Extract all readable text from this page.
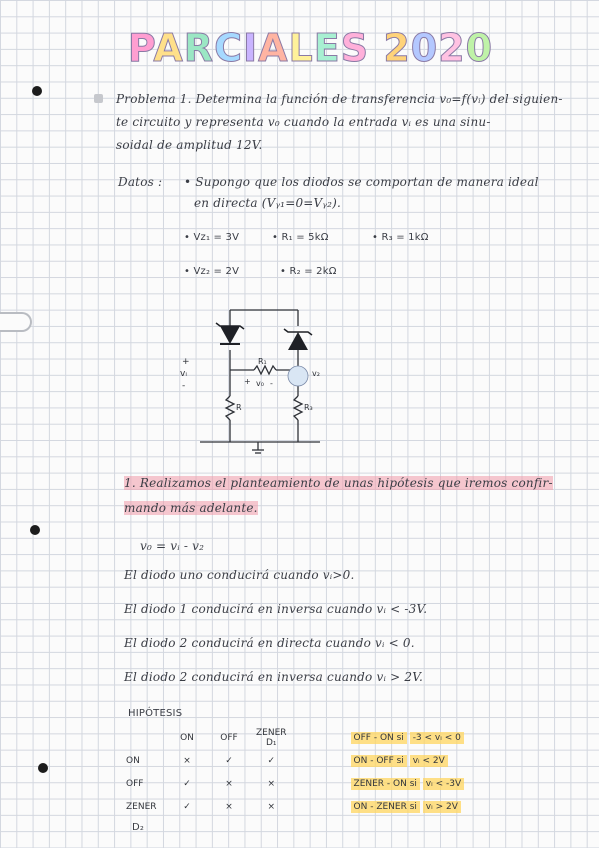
PARCIALES 2020
Problema 1. Determina la función de transferencia v₀=f(vᵢ) del siguien-
te circuito y representa v₀ cuando la entrada vᵢ es una sinu-
soidal de amplitud 12V.
Datos : • Supongo que los diodos se comportan de manera ideal
en directa (Vᵧ₁=0=Vᵧ₂).
• Vz₁ = 3V	• R₁ = 5kΩ	• R₃ = 1kΩ
• Vz₂ = 2V	• R₂ = 2kΩ
+
vᵢ
-
R₁
+ v₀ -
R	R₃
v₂
1. Realizamos el planteamiento de unas hipótesis que iremos confir-
mando más adelante.
v₀ = vᵢ - v₂
El diodo uno conducirá cuando vᵢ>0.
El diodo 1 conducirá en inversa cuando vᵢ < -3V.
El diodo 2 conducirá en directa cuando vᵢ < 0.
El diodo 2 conducirá en inversa cuando vᵢ > 2V.
HIPÓTESIS
	ON	OFF	ZENER D₁		OFF - ON si -3 < vᵢ < 0
ON	×	✓	✓		ON - OFF si vᵢ < 2V
OFF	✓	×	×		ZENER - ON si vᵢ < -3V
ZENER	✓	×	×		ON - ZENER si vᵢ > 2V
D₂
